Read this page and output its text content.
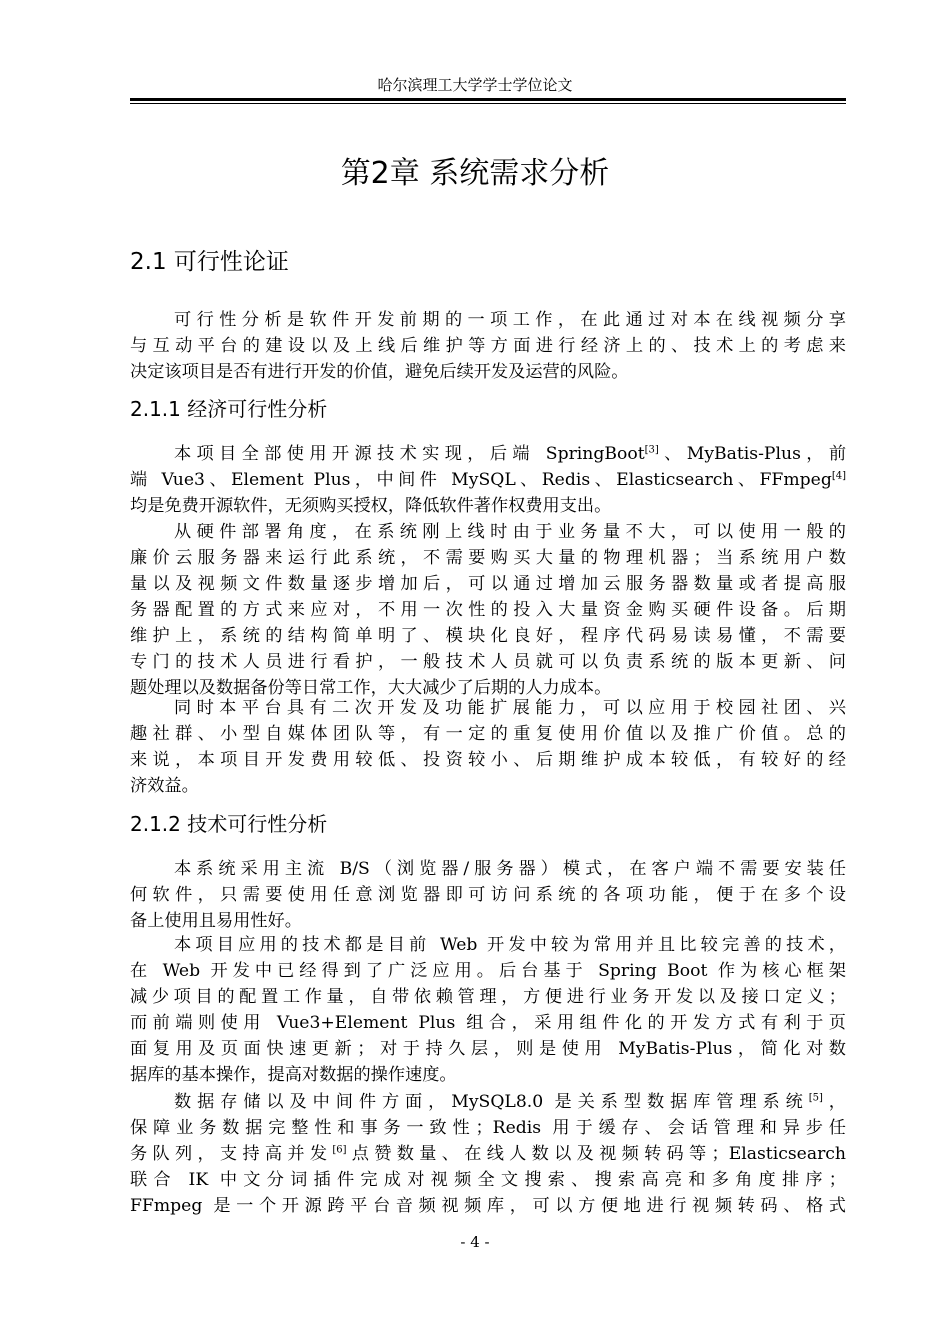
哈尔滨理工大学学士学位论文
第2章 系统需求分析
2.1 可行性论证
可行性分析是软件开发前期的一项工作，在此通过对本在线视频分享
与互动平台的建设以及上线后维护等方面进行经济上的、技术上的考虑来
决定该项目是否有进行开发的价值，避免后续开发及运营的风险。
2.1.1 经济可行性分析
本项目全部使用开源技术实现，后端 SpringBoot[3]、MyBatis-Plus，前
端 Vue3、Element Plus，中间件 MySQL、Redis、Elasticsearch、FFmpeg[4]
均是免费开源软件，无须购买授权，降低软件著作权费用支出。
从硬件部署角度，在系统刚上线时由于业务量不大，可以使用一般的
廉价云服务器来运行此系统，不需要购买大量的物理机器；当系统用户数
量以及视频文件数量逐步增加后，可以通过增加云服务器数量或者提高服
务器配置的方式来应对，不用一次性的投入大量资金购买硬件设备。后期
维护上，系统的结构简单明了、模块化良好，程序代码易读易懂，不需要
专门的技术人员进行看护，一般技术人员就可以负责系统的版本更新、问
题处理以及数据备份等日常工作，大大减少了后期的人力成本。
同时本平台具有二次开发及功能扩展能力，可以应用于校园社团、兴
趣社群、小型自媒体团队等，有一定的重复使用价值以及推广价值。总的
来说，本项目开发费用较低、投资较小、后期维护成本较低，有较好的经
济效益。
2.1.2 技术可行性分析
本系统采用主流 B/S（浏览器/服务器）模式，在客户端不需要安装任
何软件，只需要使用任意浏览器即可访问系统的各项功能，便于在多个设
备上使用且易用性好。
本项目应用的技术都是目前 Web 开发中较为常用并且比较完善的技术，
在 Web 开发中已经得到了广泛应用。后台基于 Spring Boot 作为核心框架
减少项目的配置工作量，自带依赖管理，方便进行业务开发以及接口定义；
而前端则使用 Vue3+Element Plus 组合，采用组件化的开发方式有利于页
面复用及页面快速更新；对于持久层，则是使用 MyBatis-Plus，简化对数
据库的基本操作，提高对数据的操作速度。
数据存储以及中间件方面，MySQL8.0 是关系型数据库管理系统[5]，
保障业务数据完整性和事务一致性；Redis 用于缓存、会话管理和异步任
务队列，支持高并发[6]点赞数量、在线人数以及视频转码等；Elasticsearch
联合 IK 中文分词插件完成对视频全文搜索、搜索高亮和多角度排序；
FFmpeg 是一个开源跨平台音频视频库，可以方便地进行视频转码、格式
- 4 -
